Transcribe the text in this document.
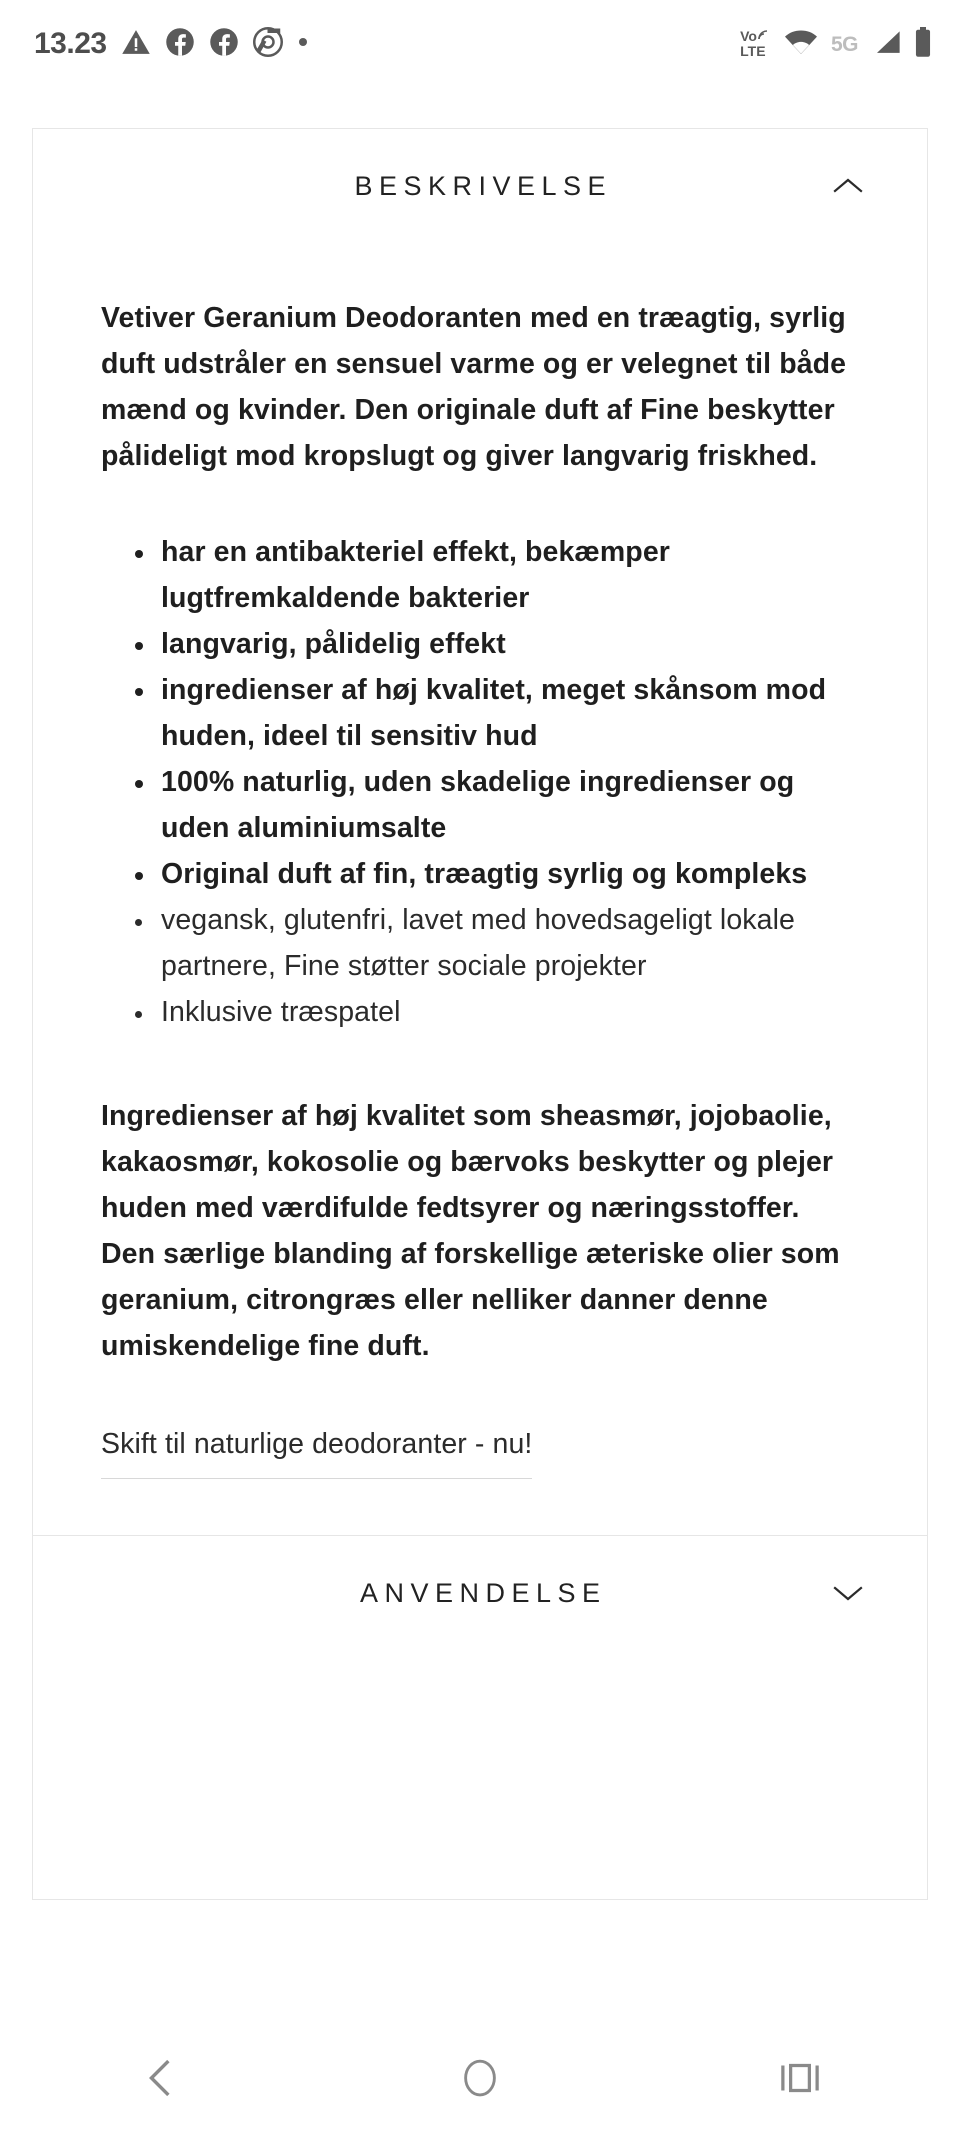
13.23	Vo
LTE	5G
BESKRIVELSE

Vetiver Geranium Deodoranten med en træagtig, syrlig duft udstråler en sensuel varme og er velegnet til både mænd og kvinder. Den originale duft af Fine beskytter pålideligt mod kropslugt og giver langvarig friskhed.

har en antibakteriel effekt, bekæmper lugtfremkaldende bakterier
langvarig, pålidelig effekt
ingredienser af høj kvalitet, meget skånsom mod huden, ideel til sensitiv hud
100% naturlig, uden skadelige ingredienser og uden aluminiumsalte
Original duft af fin, træagtig syrlig og kompleks
vegansk, glutenfri, lavet med hovedsageligt lokale partnere, Fine støtter sociale projekter
Inklusive træspatel

Ingredienser af høj kvalitet som sheasmør, jojobaolie, kakaosmør, kokosolie og bærvoks beskytter og plejer huden med værdifulde fedtsyrer og næringsstoffer. Den særlige blanding af forskellige æteriske olier som geranium, citrongræs eller nelliker danner denne umiskendelige fine duft.

Skift til naturlige deodoranter - nu!
ANVENDELSE
